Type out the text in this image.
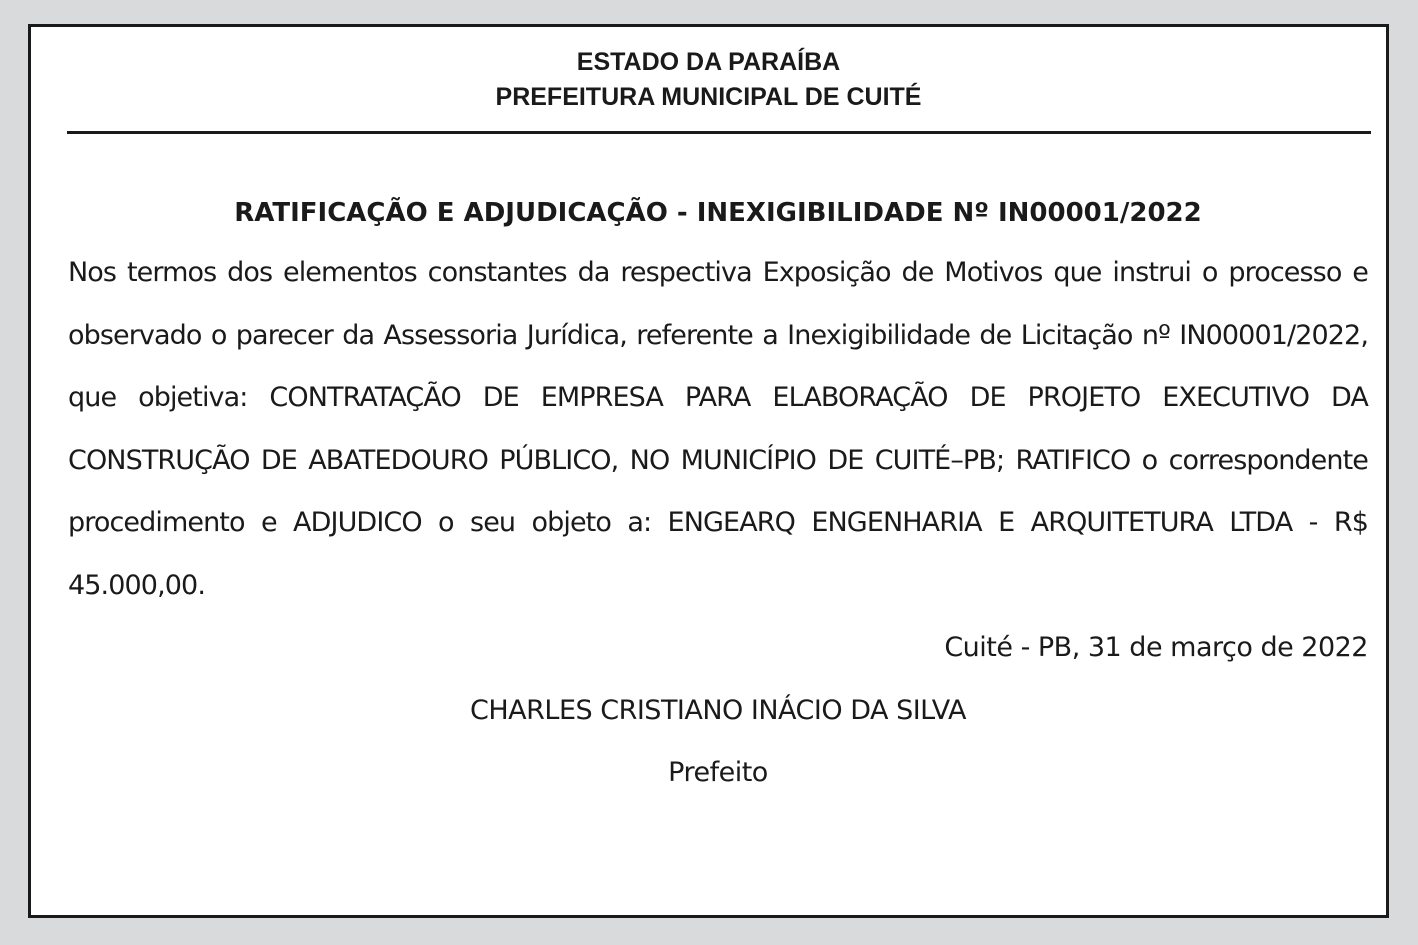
ESTADO DA PARAÍBA
PREFEITURA MUNICIPAL DE CUITÉ
RATIFICAÇÃO E ADJUDICAÇÃO - INEXIGIBILIDADE Nº IN00001/2022

Nos termos dos elementos constantes da respectiva Exposição de Motivos que instrui o processo e observado o parecer da Assessoria Jurídica, referente a Inexigibilidade de Licitação nº IN00001/2022, que objetiva: CONTRATAÇÃO DE EMPRESA PARA ELABORAÇÃO DE PROJETO EXECUTIVO DA CONSTRUÇÃO DE ABATEDOURO PÚBLICO, NO MUNICÍPIO DE CUITÉ–PB; RATIFICO o correspondente procedimento e ADJUDICO o seu objeto a: ENGEARQ ENGENHARIA E ARQUITETURA LTDA - R$ 45.000,00.

Cuité - PB, 31 de março de 2022
CHARLES CRISTIANO INÁCIO DA SILVA
Prefeito
